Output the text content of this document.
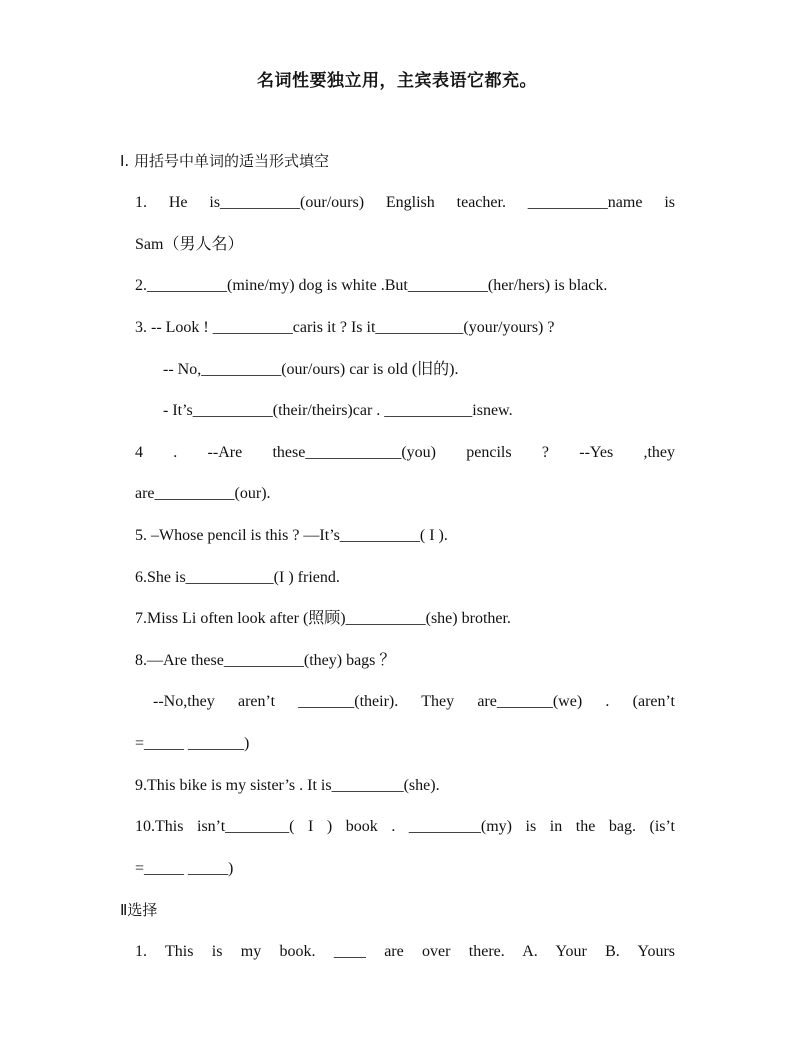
名词性要独立用，主宾表语它都充。
I. 用括号中单词的适当形式填空
1. He is__________(our/ours) English teacher. __________name is
Sam（男人名）
2.__________(mine/my) dog is white .But__________(her/hers) is black.
3. -- Look ! __________caris it ? Is it___________(your/yours) ?
-- No,__________(our/ours) car is old (旧的).
- It’s__________(their/theirs)car . ___________isnew.
4 . --Are these____________(you) pencils ? --Yes ,they
are__________(our).
5. –Whose pencil is this ? —It’s__________( I ).
6.She is___________(I ) friend.
7.Miss Li often look after (照顾)__________(she) brother.
8.—Are these__________(they) bags ？
--No,they aren’t _______(their). They are_______(we) . (aren’t
=_____ _______)
9.This bike is my sister’s . It is_________(she).
10.This isn’t________( I ) book . _________(my) is in the bag. (is’t
=_____ _____)
Ⅱ选择
1. This is my book. ____ are over there. A. Your B. Yours
